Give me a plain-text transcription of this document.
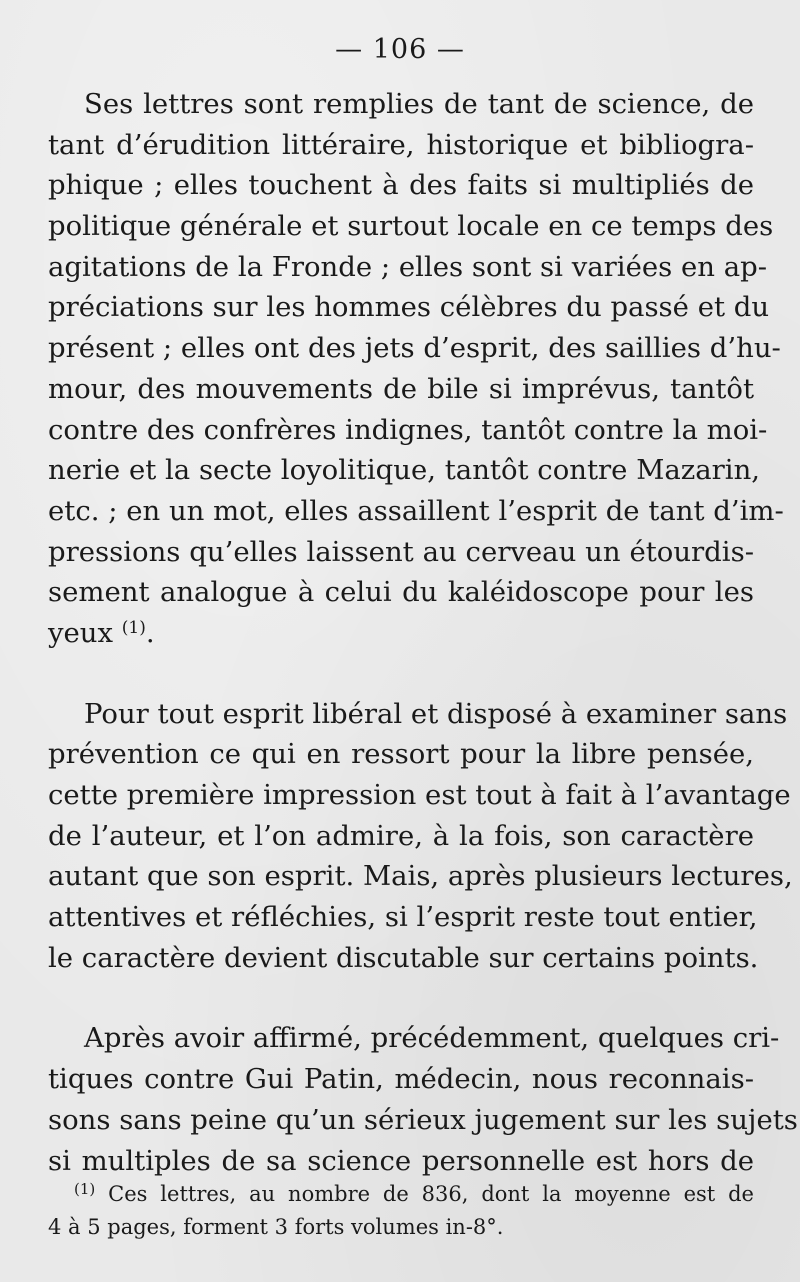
— 106 —
Ses lettres sont remplies de tant de science, de
tant d’érudition littéraire, historique et bibliogra-
phique ; elles touchent à des faits si multipliés de
politique générale et surtout locale en ce temps des
agitations de la Fronde ; elles sont si variées en ap-
préciations sur les hommes célèbres du passé et du
présent ; elles ont des jets d’esprit, des saillies d’hu-
mour, des mouvements de bile si imprévus, tantôt
contre des confrères indignes, tantôt contre la moi-
nerie et la secte loyolitique, tantôt contre Mazarin,
etc. ; en un mot, elles assaillent l’esprit de tant d’im-
pressions qu’elles laissent au cerveau un étourdis-
sement analogue à celui du kaléidoscope pour les
yeux $^{(1)}$.
Pour tout esprit libéral et disposé à examiner sans
prévention ce qui en ressort pour la libre pensée,
cette première impression est tout à fait à l’avantage
de l’auteur, et l’on admire, à la fois, son caractère
autant que son esprit. Mais, après plusieurs lectures,
attentives et réfléchies, si l’esprit reste tout entier,
le caractère devient discutable sur certains points.
Après avoir affirmé, précédemment, quelques cri-
tiques contre Gui Patin, médecin, nous reconnais-
sons sans peine qu’un sérieux jugement sur les sujets
si multiples de sa science personnelle est hors de
$^{(1)}$ Ces lettres, au nombre de 836, dont la moyenne est de
4 à 5 pages, forment 3 forts volumes in-8°.
